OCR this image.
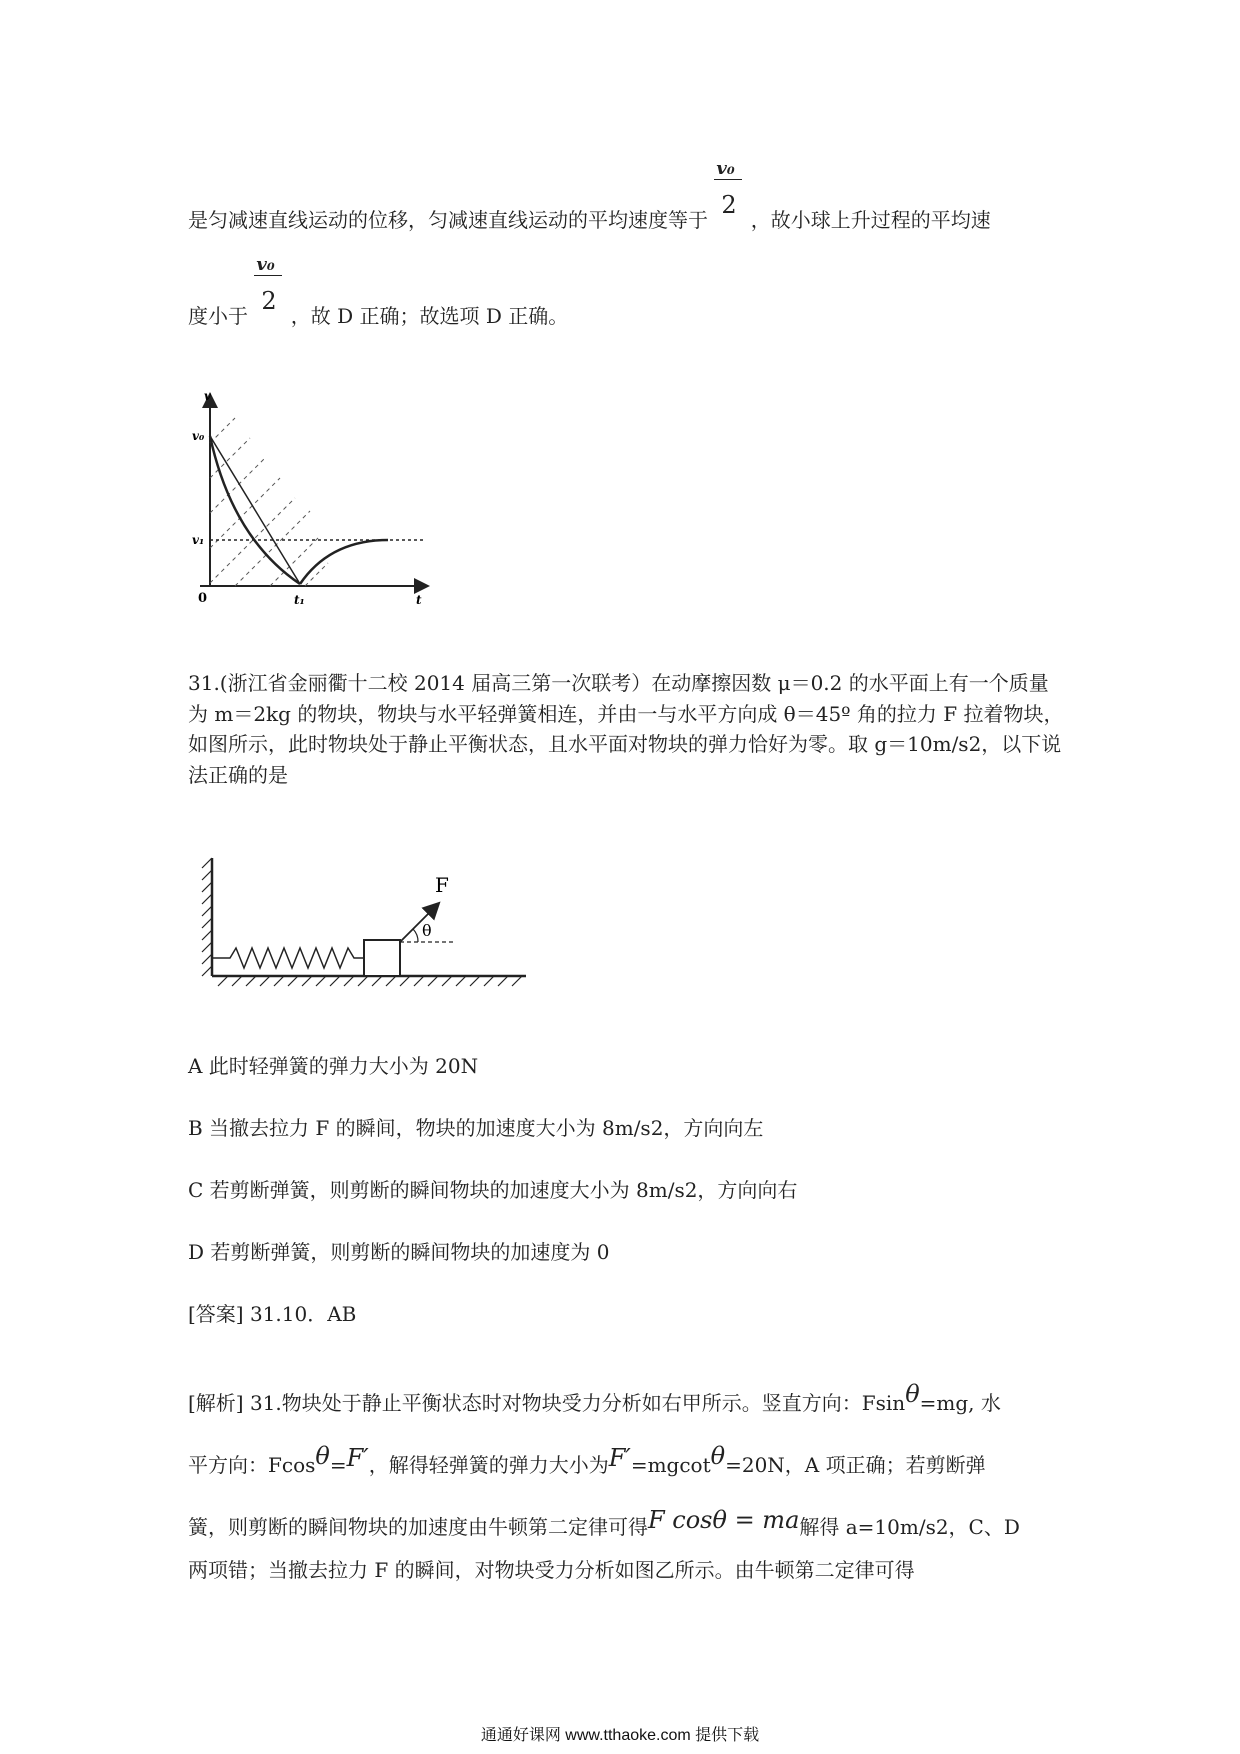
是匀减速直线运动的位移，匀减速直线运动的平均速度等于 $\frac{\text{v₀}}{2}$ ，故小球上升过程的平均速
度小于 $\frac{\text{v₀}}{2}$ ，故 D 正确；故选项 D 正确。
v
v₀
v₁
0	t₁	t
31.(浙江省金丽衢十二校 2014 届高三第一次联考）在动摩擦因数 μ＝0.2 的水平面上有一个质量为 m＝2kg 的物块，物块与水平轻弹簧相连，并由一与水平方向成 θ＝45º 角的拉力 F 拉着物块，如图所示，此时物块处于静止平衡状态，且水平面对物块的弹力恰好为零。取 g＝10m/s2，以下说法正确的是
F
θ
A 此时轻弹簧的弹力大小为 20N
B 当撤去拉力 F 的瞬间，物块的加速度大小为 8m/s2，方向向左
C 若剪断弹簧，则剪断的瞬间物块的加速度大小为 8m/s2，方向向右
D 若剪断弹簧，则剪断的瞬间物块的加速度为 0
[答案] 31.10．AB
[解析] 31.物块处于静止平衡状态时对物块受力分析如右甲所示。竖直方向：Fsinθ=mg, 水
平方向：Fcosθ=F′，解得轻弹簧的弹力大小为F′=mgcotθ=20N，A 项正确；若剪断弹
簧，则剪断的瞬间物块的加速度由牛顿第二定律可得F cosθ = ma解得 a=10m/s2，C、D
两项错；当撤去拉力 F 的瞬间，对物块受力分析如图乙所示。由牛顿第二定律可得
通通好课网 www.tthaoke.com 提供下载
